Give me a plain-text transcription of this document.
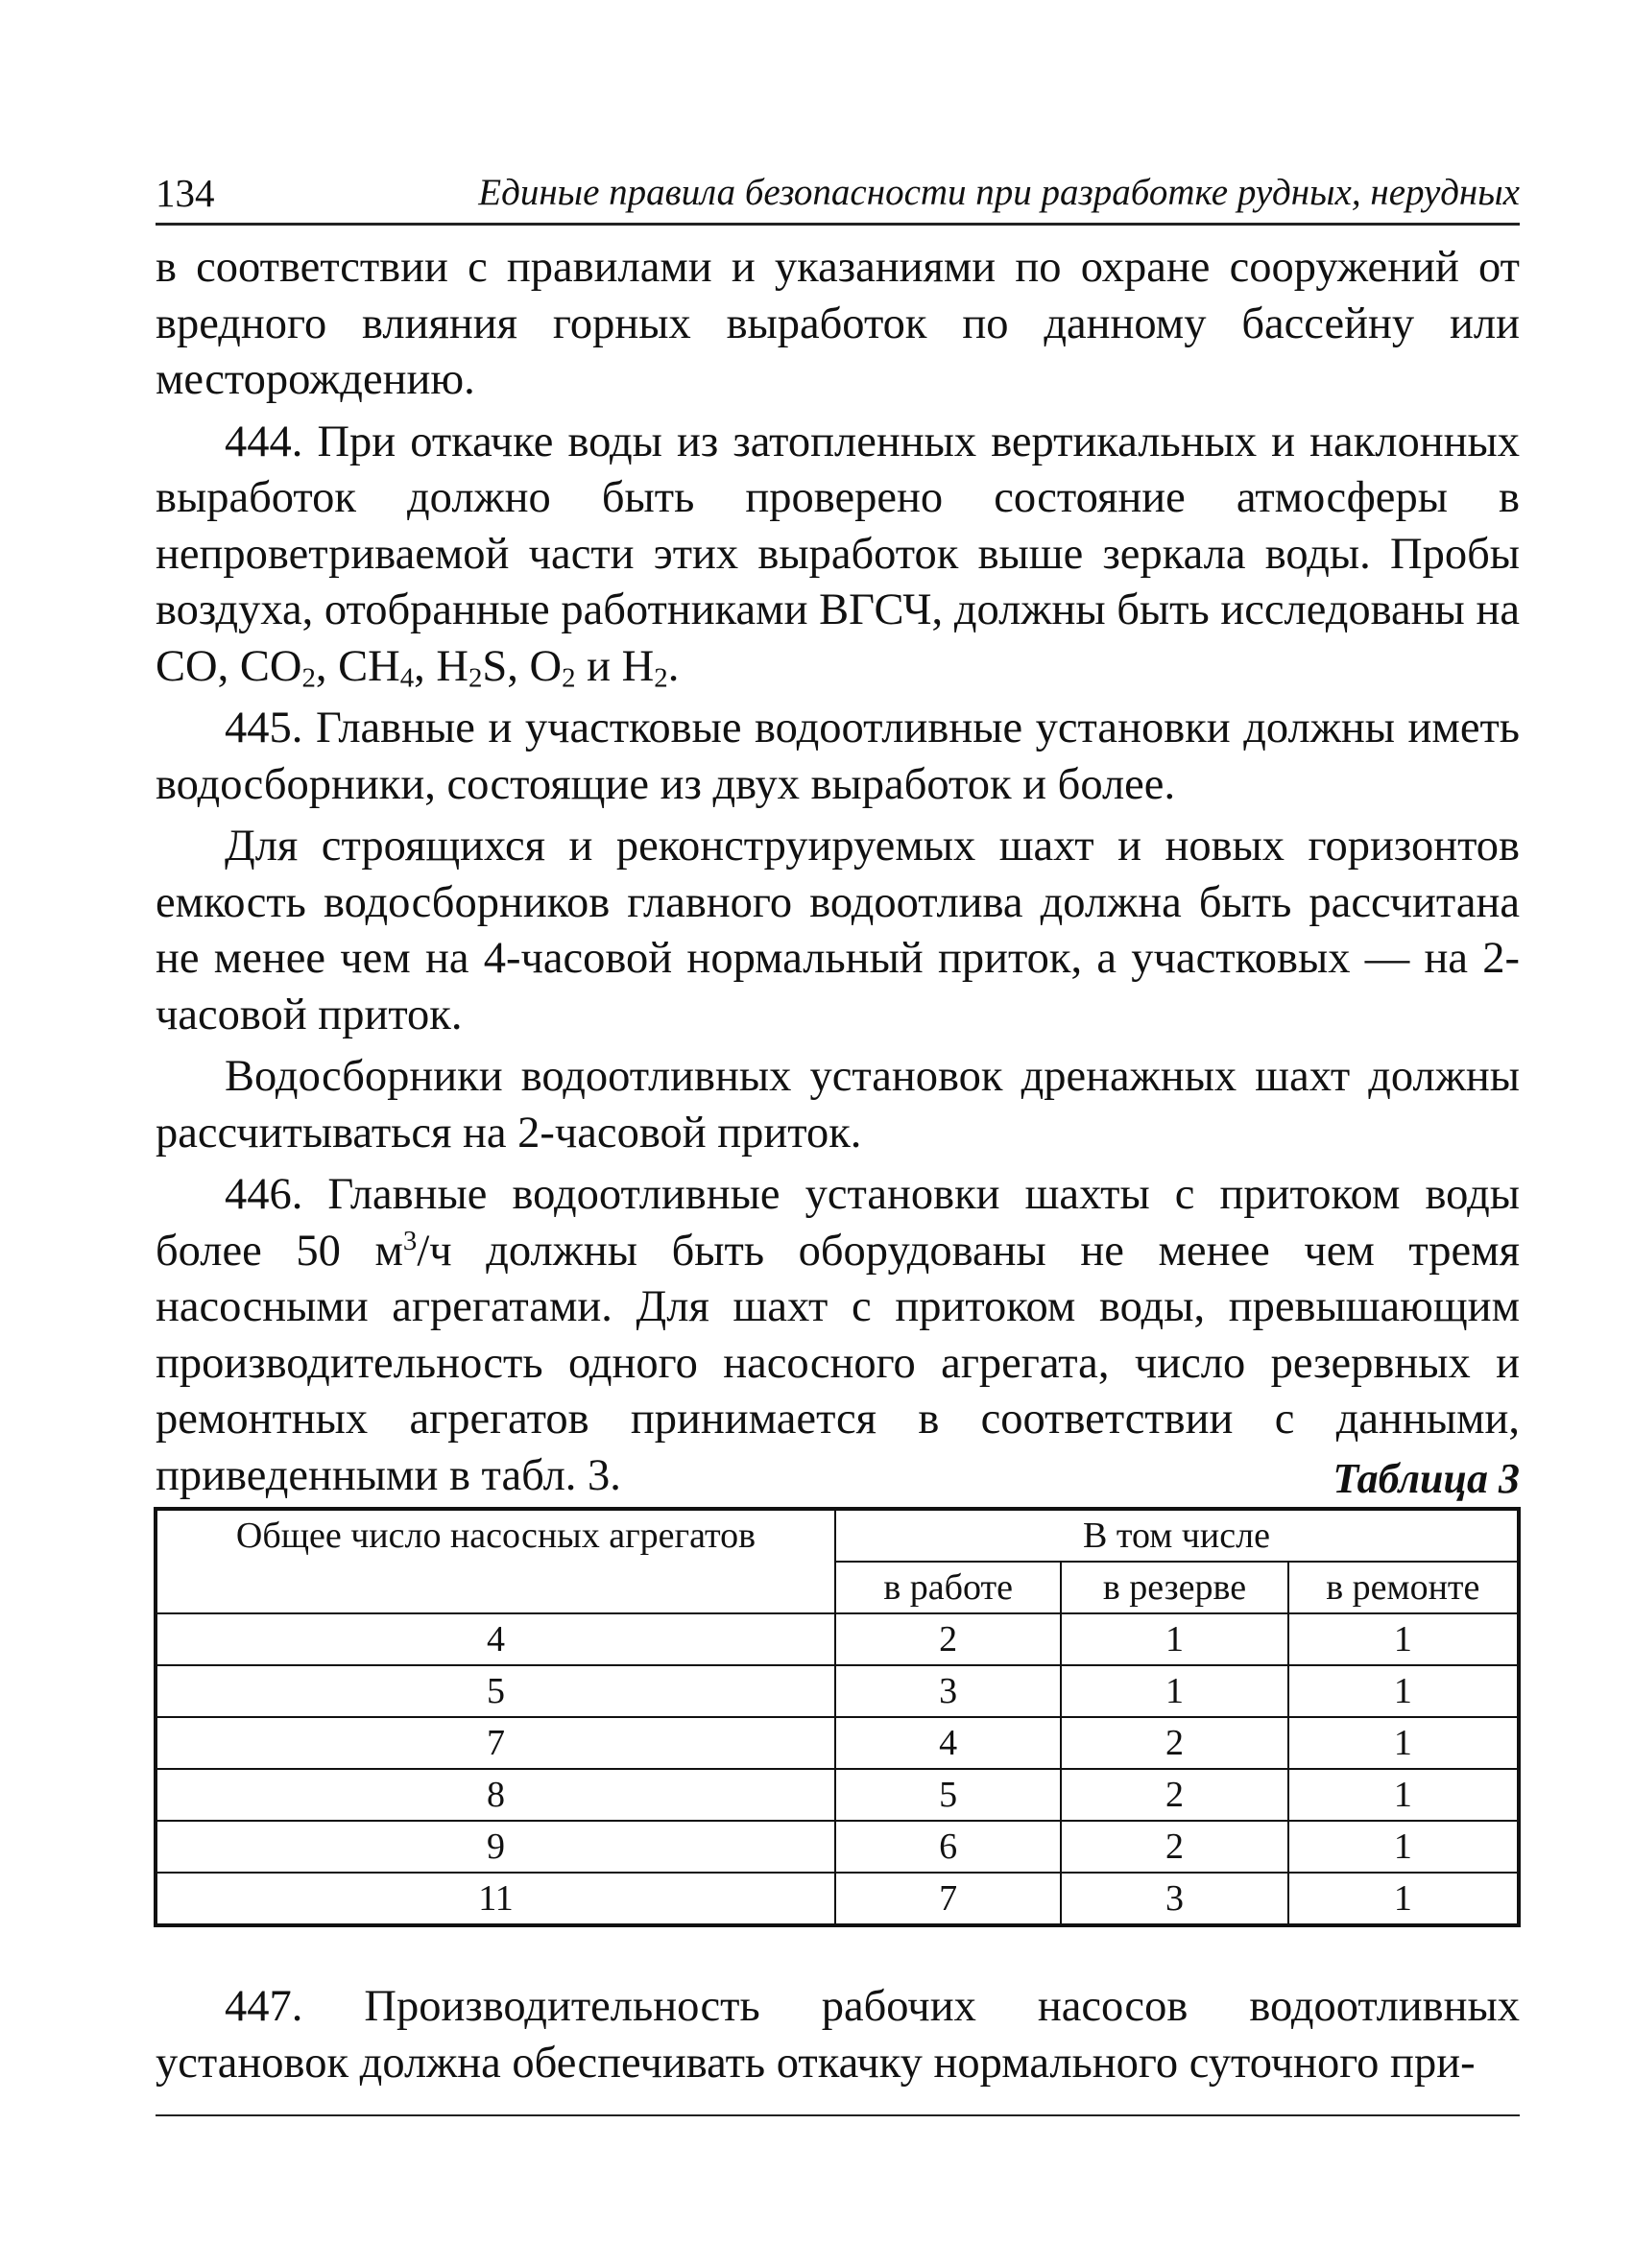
134	Единые правила безопасности при разработке рудных, нерудных

в соответствии с правилами и указаниями по охране сооружений от вредного влияния горных выработок по данному бассейну или месторождению.

444. При откачке воды из затопленных вертикальных и наклонных выработок должно быть проверено состояние атмосферы в непроветриваемой части этих выработок выше зеркала воды. Пробы воздуха, отобранные работниками ВГСЧ, должны быть исследованы на CO, $CO_2$, $CH_4$, $H_2S$, $O_2$ и $H_2$.

445. Главные и участковые водоотливные установки должны иметь водосборники, состоящие из двух выработок и более.

Для строящихся и реконструируемых шахт и новых горизонтов емкость водосборников главного водоотлива должна быть рассчитана не менее чем на 4-часовой нормальный приток, а участковых — на 2-часовой приток.

Водосборники водоотливных установок дренажных шахт должны рассчитываться на 2-часовой приток.

446. Главные водоотливные установки шахты с притоком воды более 50 $м^3/ч$ должны быть оборудованы не менее чем тремя насосными агрегатами. Для шахт с притоком воды, превышающим производительность одного насосного агрегата, число резервных и ремонтных агрегатов принимается в соответствии с данными, приведенными в табл. 3.	Таблица 3
Общее число насосных агрегатов	В том числе		
	в работе	в резерве	в ремонте
4	2	1	1
5	3	1	1
7	4	2	1
8	5	2	1
9	6	2	1
11	7	3	1

447. Производительность рабочих насосов водоотливных установок должна обеспечивать откачку нормального суточного при-
